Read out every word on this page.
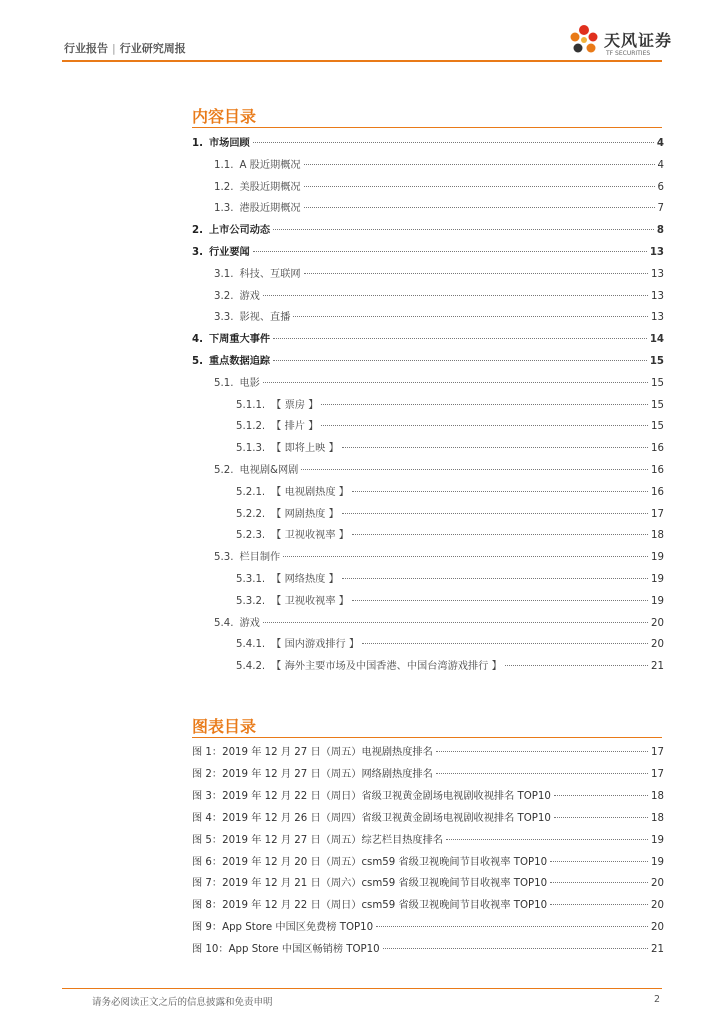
行业报告 | 行业研究周报	天风证券
TF SECURITIES
内容目录
1. 市场回顾	4
1.1. A 股近期概况	4
1.2. 美股近期概况	6
1.3. 港股近期概况	7
2. 上市公司动态	8
3. 行业要闻	13
3.1. 科技、互联网	13
3.2. 游戏	13
3.3. 影视、直播	13
4. 下周重大事件	14
5. 重点数据追踪	15
5.1. 电影	15
5.1.1. 【 票房 】	15
5.1.2. 【 排片 】	15
5.1.3. 【 即将上映 】	16
5.2. 电视剧&网剧	16
5.2.1. 【 电视剧热度 】	16
5.2.2. 【 网剧热度 】	17
5.2.3. 【 卫视收视率 】	18
5.3. 栏目制作	19
5.3.1. 【 网络热度 】	19
5.3.2. 【 卫视收视率 】	19
5.4. 游戏	20
5.4.1. 【 国内游戏排行 】	20
5.4.2. 【 海外主要市场及中国香港、中国台湾游戏排行 】	21
图表目录
图 1：2019 年 12 月 27 日（周五）电视剧热度排名	17
图 2：2019 年 12 月 27 日（周五）网络剧热度排名	17
图 3：2019 年 12 月 22 日（周日）省级卫视黄金剧场电视剧收视排名 TOP10	18
图 4：2019 年 12 月 26 日（周四）省级卫视黄金剧场电视剧收视排名 TOP10	18
图 5：2019 年 12 月 27 日（周五）综艺栏目热度排名	19
图 6：2019 年 12 月 20 日（周五）csm59 省级卫视晚间节目收视率 TOP10	19
图 7：2019 年 12 月 21 日（周六）csm59 省级卫视晚间节目收视率 TOP10	20
图 8：2019 年 12 月 22 日（周日）csm59 省级卫视晚间节目收视率 TOP10	20
图 9：App Store 中国区免费榜 TOP10	20
图 10：App Store 中国区畅销榜 TOP10	21
请务必阅读正文之后的信息披露和免责申明	2
